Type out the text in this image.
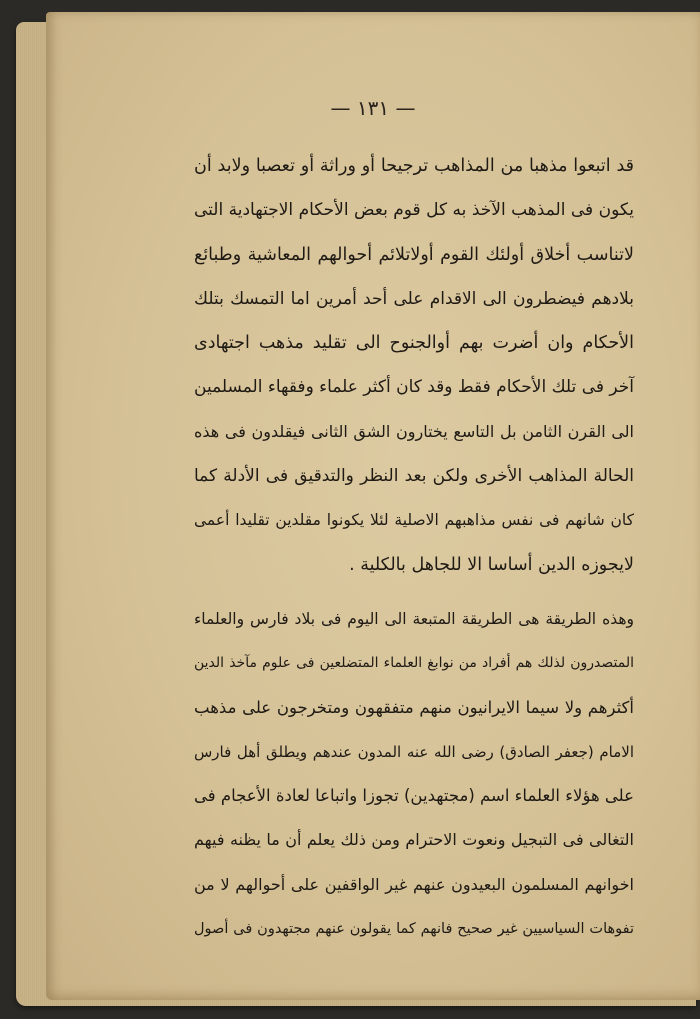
— ١٣١ —
قد اتبعوا مذهبا من المذاهب ترجيحا أو وراثة أو تعصبا ولابد أن
يكون فى المذهب الآخذ به كل قوم بعض الأحكام الاجتهادية التى
لاتناسب أخلاق أولئك القوم أولاتلائم أحوالهم المعاشية وطبائع
بلادهم فيضطرون الى الاقدام على أحد أمرين اما التمسك بتلك
الأحكام وان أضرت بهم أوالجنوح الى تقليد مذهب اجتهادى
آخر فى تلك الأحكام فقط وقد كان أكثر علماء وفقهاء المسلمين
الى القرن الثامن بل التاسع يختارون الشق الثانى فيقلدون فى هذه
الحالة المذاهب الأخرى ولكن بعد النظر والتدقيق فى الأدلة كما
كان شانهم فى نفس مذاهبهم الاصلية لئلا يكونوا مقلدين تقليدا أعمى
لايجوزه الدين أساسا الا للجاهل بالكلية .
وهذه الطريقة هى الطريقة المتبعة الى اليوم فى بلاد فارس والعلماء
المتصدرون لذلك هم أفراد من نوابغ العلماء المتضلعين فى علوم مآخذ الدين
أكثرهم ولا سيما الايرانيون منهم متفقهون ومتخرجون على مذهب
الامام (جعفر الصادق) رضى الله عنه المدون عندهم ويطلق أهل فارس
على هؤلاء العلماء اسم (مجتهدين) تجوزا واتباعا لعادة الأعجام فى
التغالى فى التبجيل ونعوت الاحترام ومن ذلك يعلم أن ما يظنه فيهم
اخوانهم المسلمون البعيدون عنهم غير الواقفين على أحوالهم لا من
تفوهات السياسيين غير صحيح فانهم كما يقولون عنهم مجتهدون فى أصول
